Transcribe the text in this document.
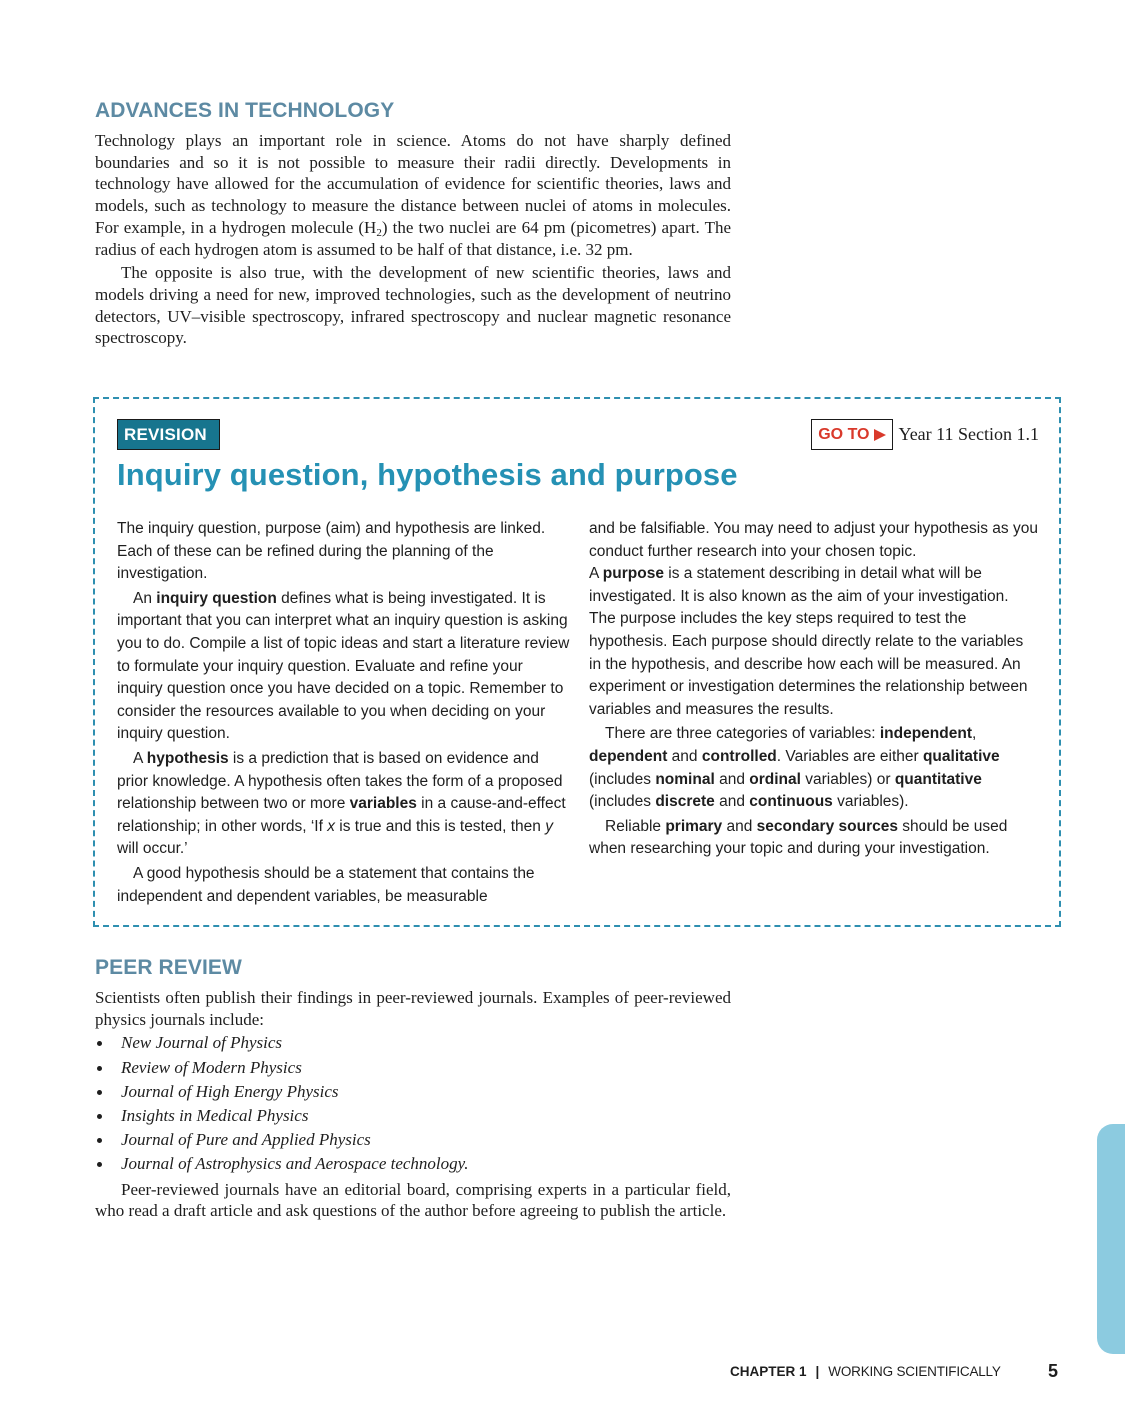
ADVANCES IN TECHNOLOGY

Technology plays an important role in science. Atoms do not have sharply defined boundaries and so it is not possible to measure their radii directly. Developments in technology have allowed for the accumulation of evidence for scientific theories, laws and models, such as technology to measure the distance between nuclei of atoms in molecules. For example, in a hydrogen molecule $(H_2)$ the two nuclei are 64 pm (picometres) apart. The radius of each hydrogen atom is assumed to be half of that distance, i.e. 32 pm.

The opposite is also true, with the development of new scientific theories, laws and models driving a need for new, improved technologies, such as the development of neutrino detectors, UV–visible spectroscopy, infrared spectroscopy and nuclear magnetic resonance spectroscopy.

REVISION	GO TO Year 11 Section 1.1
Inquiry question, hypothesis and purpose

The inquiry question, purpose (aim) and hypothesis are linked. Each of these can be refined during the planning of the investigation.

An inquiry question defines what is being investigated. It is important that you can interpret what an inquiry question is asking you to do. Compile a list of topic ideas and start a literature review to formulate your inquiry question. Evaluate and refine your inquiry question once you have decided on a topic. Remember to consider the resources available to you when deciding on your inquiry question.

A hypothesis is a prediction that is based on evidence and prior knowledge. A hypothesis often takes the form of a proposed relationship between two or more variables in a cause-and-effect relationship; in other words, ‘If x is true and this is tested, then y will occur.’

A good hypothesis should be a statement that contains the independent and dependent variables, be measurable

and be falsifiable. You may need to adjust your hypothesis as you conduct further research into your chosen topic.
A purpose is a statement describing in detail what will be investigated. It is also known as the aim of your investigation. The purpose includes the key steps required to test the hypothesis. Each purpose should directly relate to the variables in the hypothesis, and describe how each will be measured. An experiment or investigation determines the relationship between variables and measures the results.

There are three categories of variables: independent, dependent and controlled. Variables are either qualitative (includes nominal and ordinal variables) or quantitative (includes discrete and continuous variables).

Reliable primary and secondary sources should be used when researching your topic and during your investigation.

PEER REVIEW

Scientists often publish their findings in peer-reviewed journals. Examples of peer-reviewed physics journals include:

New Journal of Physics
Review of Modern Physics
Journal of High Energy Physics
Insights in Medical Physics
Journal of Pure and Applied Physics
Journal of Astrophysics and Aerospace technology.

Peer-reviewed journals have an editorial board, comprising experts in a particular field, who read a draft article and ask questions of the author before agreeing to publish the article.

CHAPTER 1 | WORKING SCIENTIFICALLY	5
